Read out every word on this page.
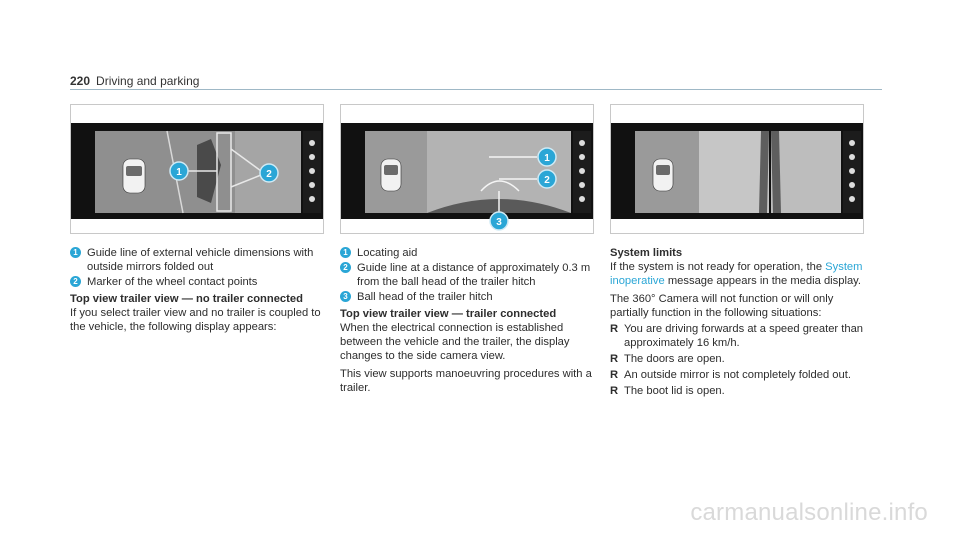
220 Driving and parking
1	2
1
2
3
1 Guide line of external vehicle dimensions with outside mirrors folded out
2 Marker of the wheel contact points
Top view trailer view — no trailer connected
If you select trailer view and no trailer is coupled to the vehicle, the following display appears:
1 Locating aid
2 Guide line at a distance of approximately 0.3 m from the ball head of the trailer hitch
3 Ball head of the trailer hitch
Top view trailer view — trailer connected
When the electrical connection is established between the vehicle and the trailer, the display changes to the side camera view.
This view supports manoeuvring procedures with a trailer.
System limits
If the system is not ready for operation, the System inoperative message appears in the media display.
The 360° Camera will not function or will only partially function in the following situations:
R You are driving forwards at a speed greater than approximately 16 km/h.
R The doors are open.
R An outside mirror is not completely folded out.
R The boot lid is open.
carmanualsonline.info
